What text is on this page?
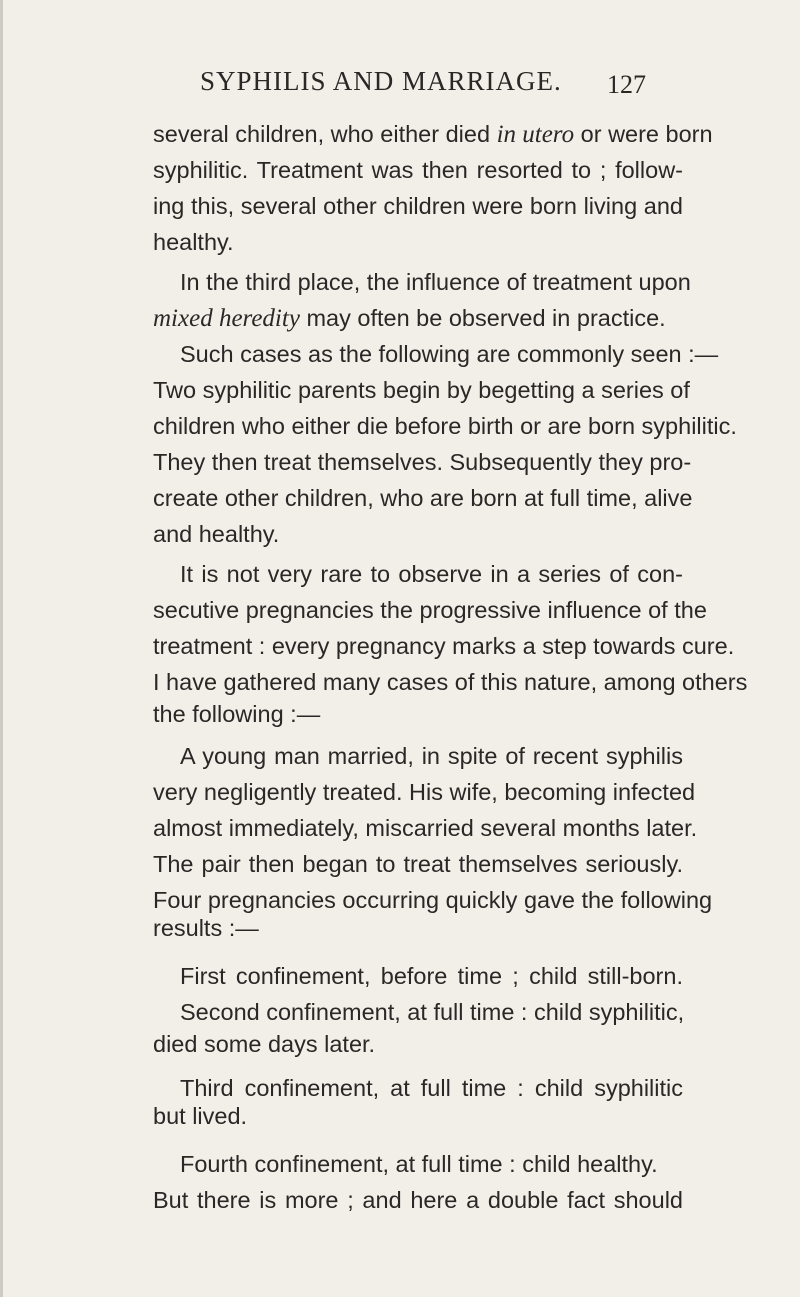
SYPHILIS AND MARRIAGE. 127
several children, who either died in utero or were born
syphilitic. Treatment was then resorted to ; follow-
ing this, several other children were born living and
healthy.
In the third place, the influence of treatment upon
mixed heredity may often be observed in practice.
Such cases as the following are commonly seen :—
Two syphilitic parents begin by begetting a series of
children who either die before birth or are born syphilitic.
They then treat themselves. Subsequently they pro-
create other children, who are born at full time, alive
and healthy.
It is not very rare to observe in a series of con-
secutive pregnancies the progressive influence of the
treatment : every pregnancy marks a step towards cure.
I have gathered many cases of this nature, among others
the following :—
A young man married, in spite of recent syphilis
very negligently treated. His wife, becoming infected
almost immediately, miscarried several months later.
The pair then began to treat themselves seriously.
Four pregnancies occurring quickly gave the following
results :—
First confinement, before time ; child still-born.
Second confinement, at full time : child syphilitic,
died some days later.
Third confinement, at full time : child syphilitic
but lived.
Fourth confinement, at full time : child healthy.
But there is more ; and here a double fact should
